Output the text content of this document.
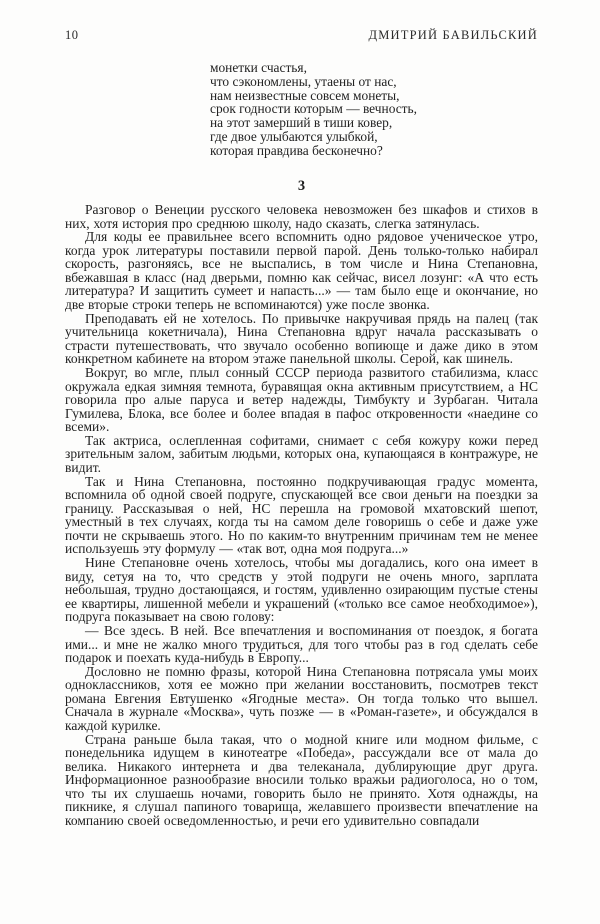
10	ДМИТРИЙ БАВИЛЬСКИЙ
монетки счастья,
что сэкономлены, утаены от нас,
нам неизвестные совсем монеты,
срок годности которым — вечность,
на этот замерший в тиши ковер,
где двое улыбаются улыбкой,
которая правдива бесконечно?
3

Разговор о Венеции русского человека невозможен без шкафов и стихов в них, хотя история про среднюю школу, надо сказать, слегка затянулась.

Для коды ее правильнее всего вспомнить одно рядовое ученическое утро, когда урок литературы поставили первой парой. День только-только набирал скорость, разгоняясь, все не выспались, в том числе и Нина Степановна, вбежавшая в класс (над дверьми, помню как сейчас, висел лозунг: «А что есть литература? И защитить сумеет и напасть...» — там было еще и окончание, но две вторые строки теперь не вспоминаются) уже после звонка.

Преподавать ей не хотелось. По привычке накручивая прядь на палец (так учительница кокетничала), Нина Степановна вдруг начала рассказывать о страсти путешествовать, что звучало особенно вопиюще и даже дико в этом конкретном кабинете на втором этаже панельной школы. Серой, как шинель.

Вокруг, во мгле, плыл сонный СССР периода развитого стабилизма, класс окружала едкая зимняя темнота, буравящая окна активным присутствием, а НС говорила про алые паруса и ветер надежды, Тимбукту и Зурбаган. Читала Гумилева, Блока, все более и более впадая в пафос откровенности «наедине со всеми».

Так актриса, ослепленная софитами, снимает с себя кожуру кожи перед зрительным залом, забитым людьми, которых она, купающаяся в контражуре, не видит.

Так и Нина Степановна, постоянно подкручивающая градус момента, вспомнила об одной своей подруге, спускающей все свои деньги на поездки за границу. Рассказывая о ней, НС перешла на громовой мхатовский шепот, уместный в тех случаях, когда ты на самом деле говоришь о себе и даже уже почти не скрываешь этого. Но по каким-то внутренним причинам тем не менее используешь эту формулу — «так вот, одна моя подруга...»

Нине Степановне очень хотелось, чтобы мы догадались, кого она имеет в виду, сетуя на то, что средств у этой подруги не очень много, зарплата небольшая, трудно достающаяся, и гостям, удивленно озирающим пустые стены ее квартиры, лишенной мебели и украшений («только все самое необходимое»), подруга показывает на свою голову:

— Все здесь. В ней. Все впечатления и воспоминания от поездок, я богата ими... и мне не жалко много трудиться, для того чтобы раз в год сделать себе подарок и поехать куда-нибудь в Европу...

Дословно не помню фразы, которой Нина Степановна потрясала умы моих одноклассников, хотя ее можно при желании восстановить, посмотрев текст романа Евгения Евтушенко «Ягодные места». Он тогда только что вышел. Сначала в журнале «Москва», чуть позже — в «Роман-газете», и обсуждался в каждой курилке.

Страна раньше была такая, что о модной книге или модном фильме, с понедельника идущем в кинотеатре «Победа», рассуждали все от мала до велика. Никакого интернета и два телеканала, дублирующие друг друга. Информационное разнообразие вносили только вражьи радиоголоса, но о том, что ты их слушаешь ночами, говорить было не принято. Хотя однажды, на пикнике, я слушал папиного товарища, желавшего произвести впечатление на компанию своей осведомленностью, и речи его удивительно совпадали
